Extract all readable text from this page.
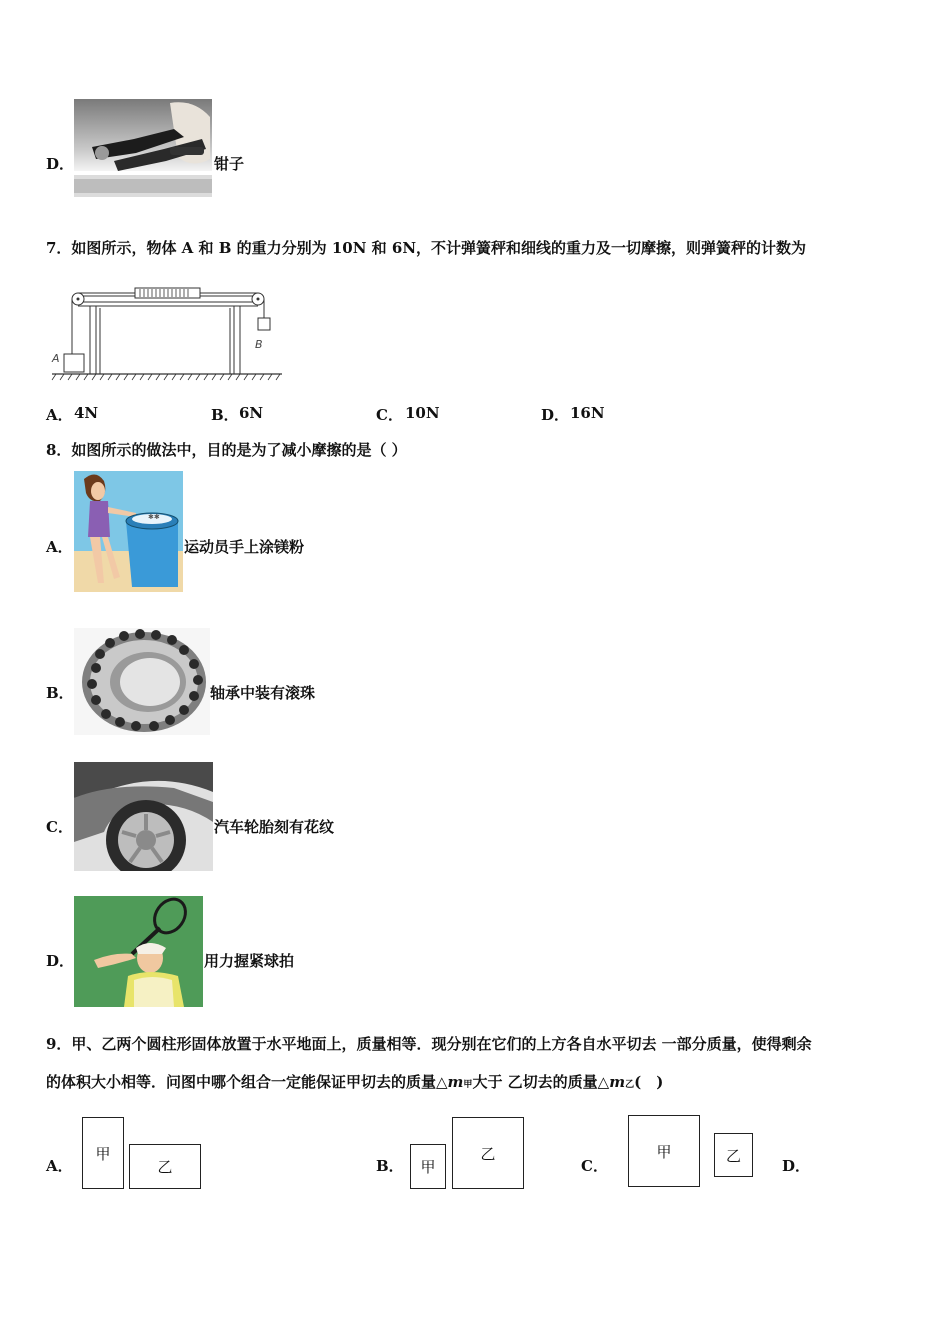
D．	钳子
7．如图所示，物体 A 和 B 的重力分别为 10N 和 6N，不计弹簧秤和细线的重力及一切摩擦，则弹簧秤的计数为
A
B
A． 4N	B． 6N	C． 10N	D． 16N
8．如图所示的做法中，目的是为了减小摩擦的是（ ）
A．
✱✱
运动员手上涂镁粉
B．	轴承中装有滚珠
C．	汽车轮胎刻有花纹
D．	用力握紧球拍
9．甲、乙两个圆柱形固体放置于水平地面上，质量相等．现分别在它们的上方各自水平切去 一部分质量，使得剩余
的体积大小相等．问图中哪个组合一定能保证甲切去的质量△m甲大于 乙切去的质量△m乙(　)
A．
甲
乙	B． 甲
乙
C．
甲	乙
D．
